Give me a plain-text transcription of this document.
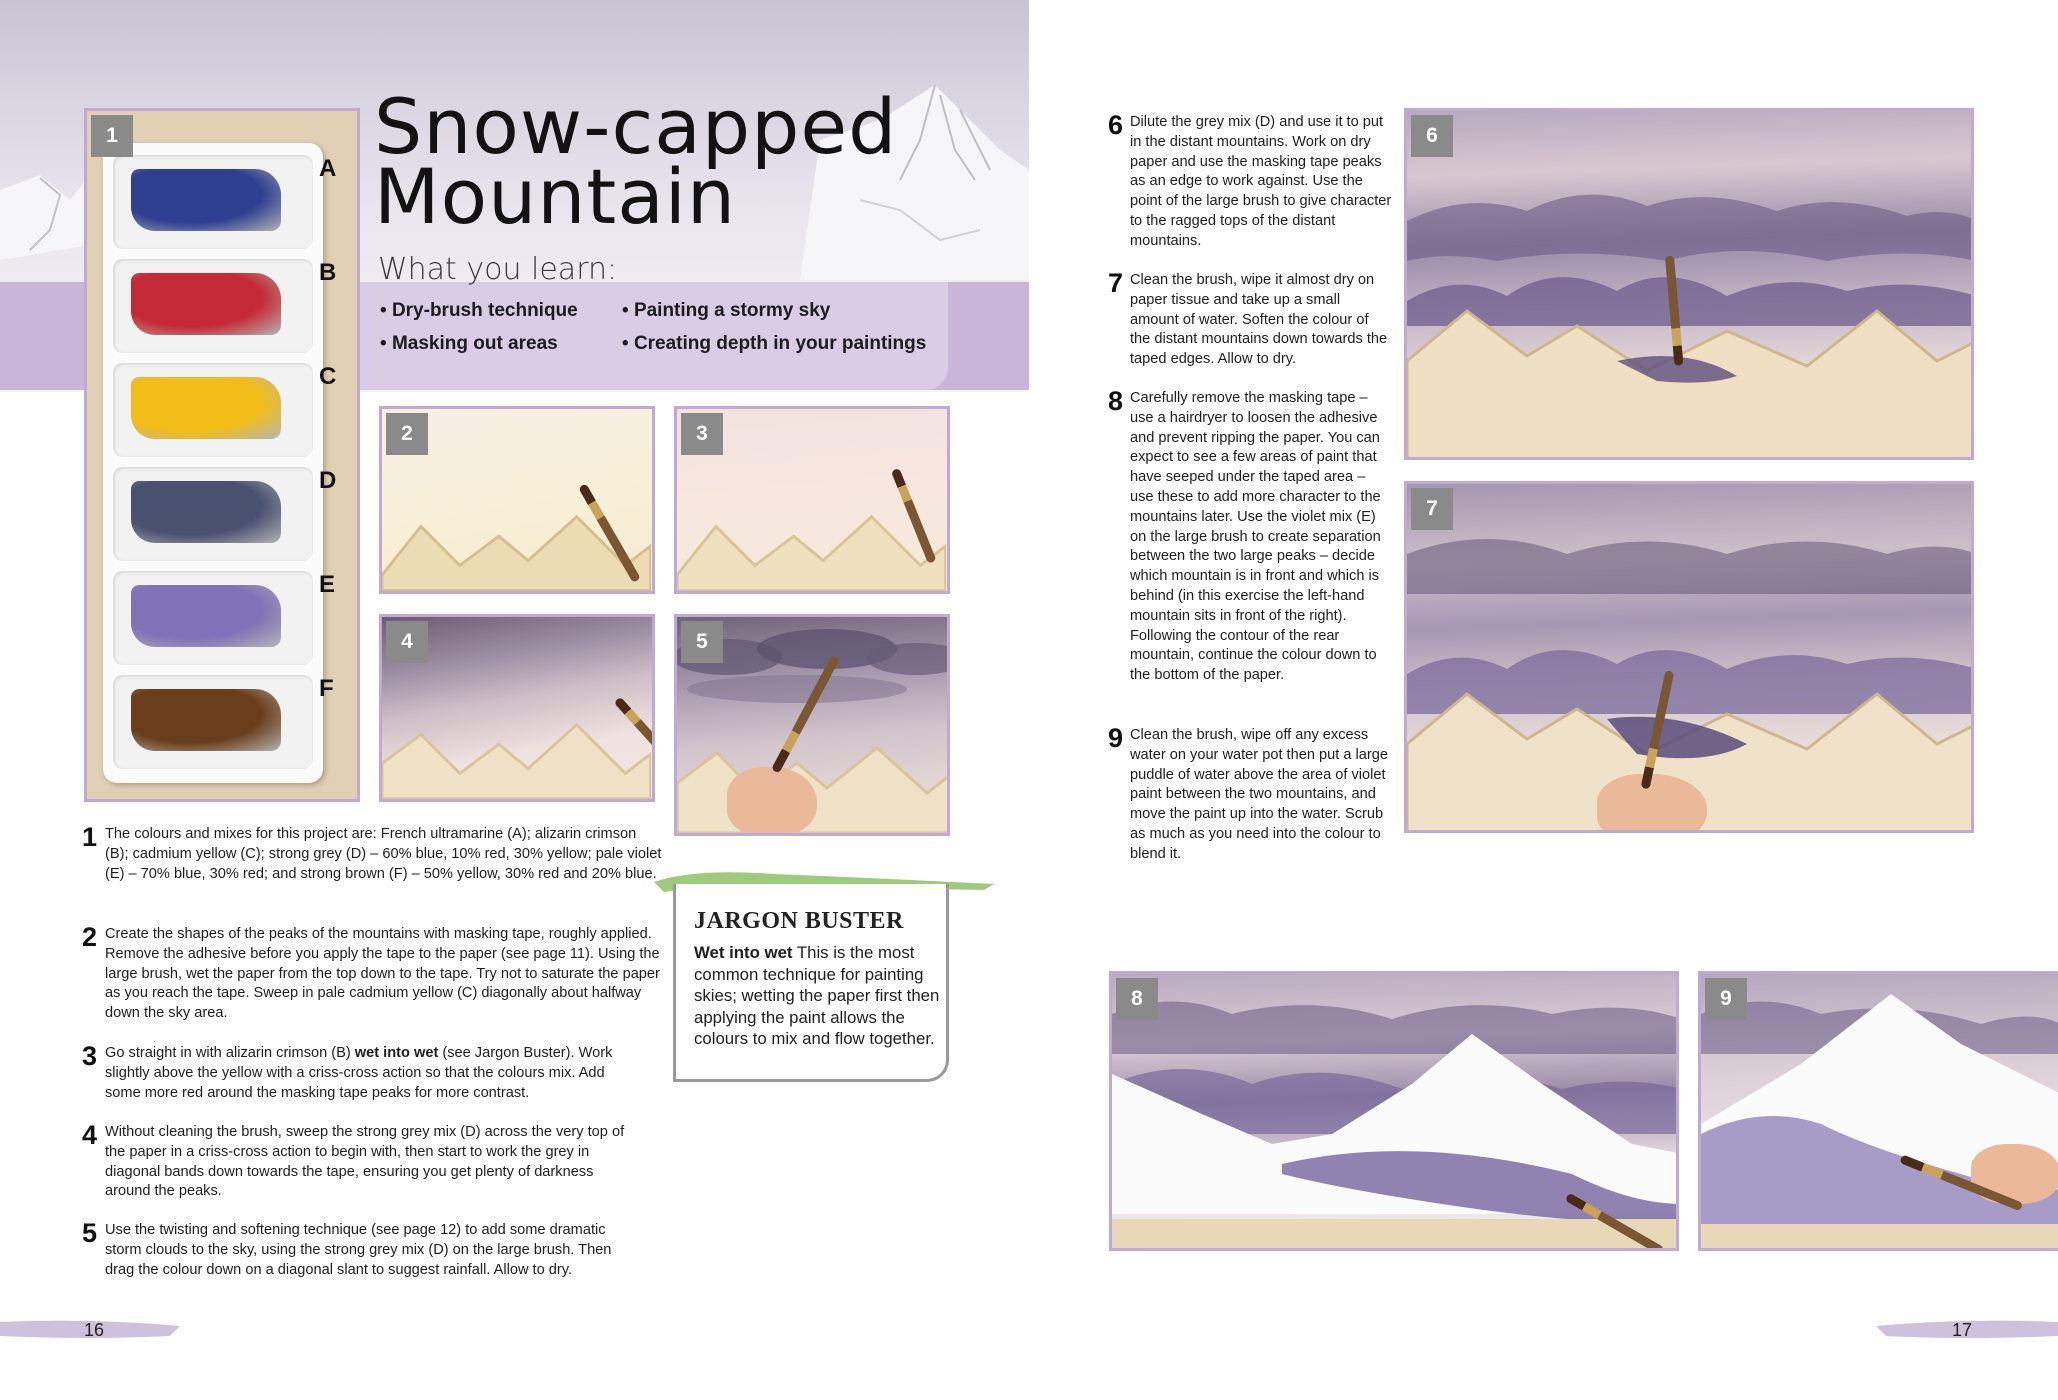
Snow-capped
Mountain
What you learn:
• Dry-brush technique	• Painting a stormy sky
• Masking out areas	• Creating depth in your paintings
1
A
B
C
D
E
F
2	3
4	5
1 The colours and mixes for this project are: French ultramarine (A); alizarin crimson (B); cadmium yellow (C); strong grey (D) – 60% blue, 10% red, 30% yellow; pale violet (E) – 70% blue, 30% red; and strong brown (F) – 50% yellow, 30% red and 20% blue.
2 Create the shapes of the peaks of the mountains with masking tape, roughly applied. Remove the adhesive before you apply the tape to the paper (see page 11). Using the large brush, wet the paper from the top down to the tape. Try not to saturate the paper as you reach the tape. Sweep in pale cadmium yellow (C) diagonally about halfway down the sky area.
3 Go straight in with alizarin crimson (B) wet into wet (see Jargon Buster). Work slightly above the yellow with a criss-cross action so that the colours mix. Add some more red around the masking tape peaks for more contrast.
4 Without cleaning the brush, sweep the strong grey mix (D) across the very top of the paper in a criss-cross action to begin with, then start to work the grey in diagonal bands down towards the tape, ensuring you get plenty of darkness around the peaks.
5 Use the twisting and softening technique (see page 12) to add some dramatic storm clouds to the sky, using the strong grey mix (D) on the large brush. Then drag the colour down on a diagonal slant to suggest rainfall. Allow to dry.
JARGON BUSTER
Wet into wet This is the most common technique for painting skies; wetting the paper first then applying the paint allows the colours to mix and flow together.
16
6 Dilute the grey mix (D) and use it to put in the distant mountains. Work on dry paper and use the masking tape peaks as an edge to work against. Use the point of the large brush to give character to the ragged tops of the distant mountains.
7 Clean the brush, wipe it almost dry on paper tissue and take up a small amount of water. Soften the colour of the distant mountains down towards the taped edges. Allow to dry.
8 Carefully remove the masking tape – use a hairdryer to loosen the adhesive and prevent ripping the paper. You can expect to see a few areas of paint that have seeped under the taped area – use these to add more character to the mountains later. Use the violet mix (E) on the large brush to create separation between the two large peaks – decide which mountain is in front and which is behind (in this exercise the left-hand mountain sits in front of the right). Following the contour of the rear mountain, continue the colour down to the bottom of the paper.
9 Clean the brush, wipe off any excess water on your water pot then put a large puddle of water above the area of violet paint between the two mountains, and move the paint up into the water. Scrub as much as you need into the colour to blend it.
6
7
8	9
17
